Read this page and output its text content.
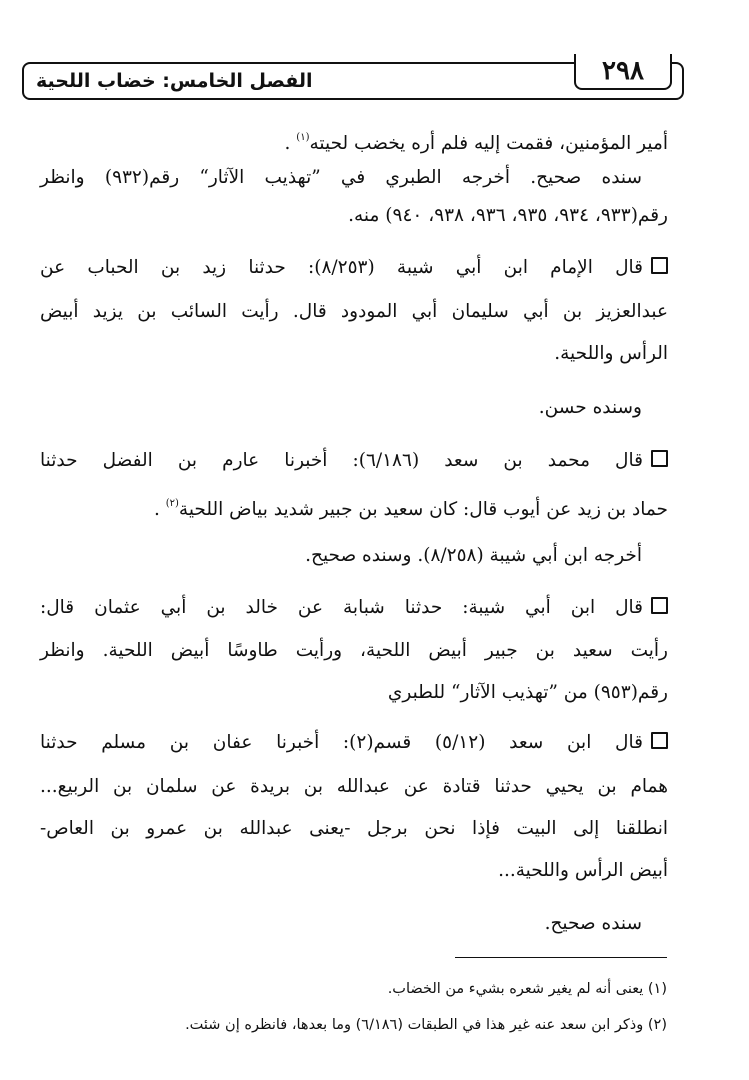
الفصل الخامس: خضاب اللحية	٢٩٨
أمير المؤمنين، فقمت إليه فلم أره يخضب لحيته$^{(١)}$ .
سنده صحيح. أخرجه الطبري في ”تهذيب الآثار“ رقم(٩٣٢) وانظر
رقم(٩٣٣، ٩٣٤، ٩٣٥، ٩٣٦، ٩٣٨، ٩٤٠) منه.
قال الإمام ابن أبي شيبة (٨/٢٥٣): حدثنا زيد بن الحباب عن
عبدالعزيز بن أبي سليمان أبي المودود قال. رأيت السائب بن يزيد أبيض
الرأس واللحية.
وسنده حسن.
قال محمد بن سعد (٦/١٨٦): أخبرنا عارم بن الفضل حدثنا
حماد بن زيد عن أيوب قال: كان سعيد بن جبير شديد بياض اللحية$^{(٢)}$ .
أخرجه ابن أبي شيبة (٨/٢٥٨). وسنده صحيح.
قال ابن أبي شيبة: حدثنا شبابة عن خالد بن أبي عثمان قال:
رأيت سعيد بن جبير أبيض اللحية، ورأيت طاوسًا أبيض اللحية. وانظر
رقم(٩٥٣) من ”تهذيب الآثار“ للطبري
قال ابن سعد (٥/١٢) قسم(٢): أخبرنا عفان بن مسلم حدثنا
همام بن يحيي حدثنا قتادة عن عبدالله بن بريدة عن سلمان بن الربيع...
انطلقنا إلى البيت فإذا نحن برجل -يعنى عبدالله بن عمرو بن العاص-
أبيض الرأس واللحية...
سنده صحيح.
(١) يعنى أنه لم يغير شعره بشيء من الخضاب.
(٢) وذكر ابن سعد عنه غير هذا في الطبقات (٦/١٨٦) وما بعدها، فانظره إن شئت.
